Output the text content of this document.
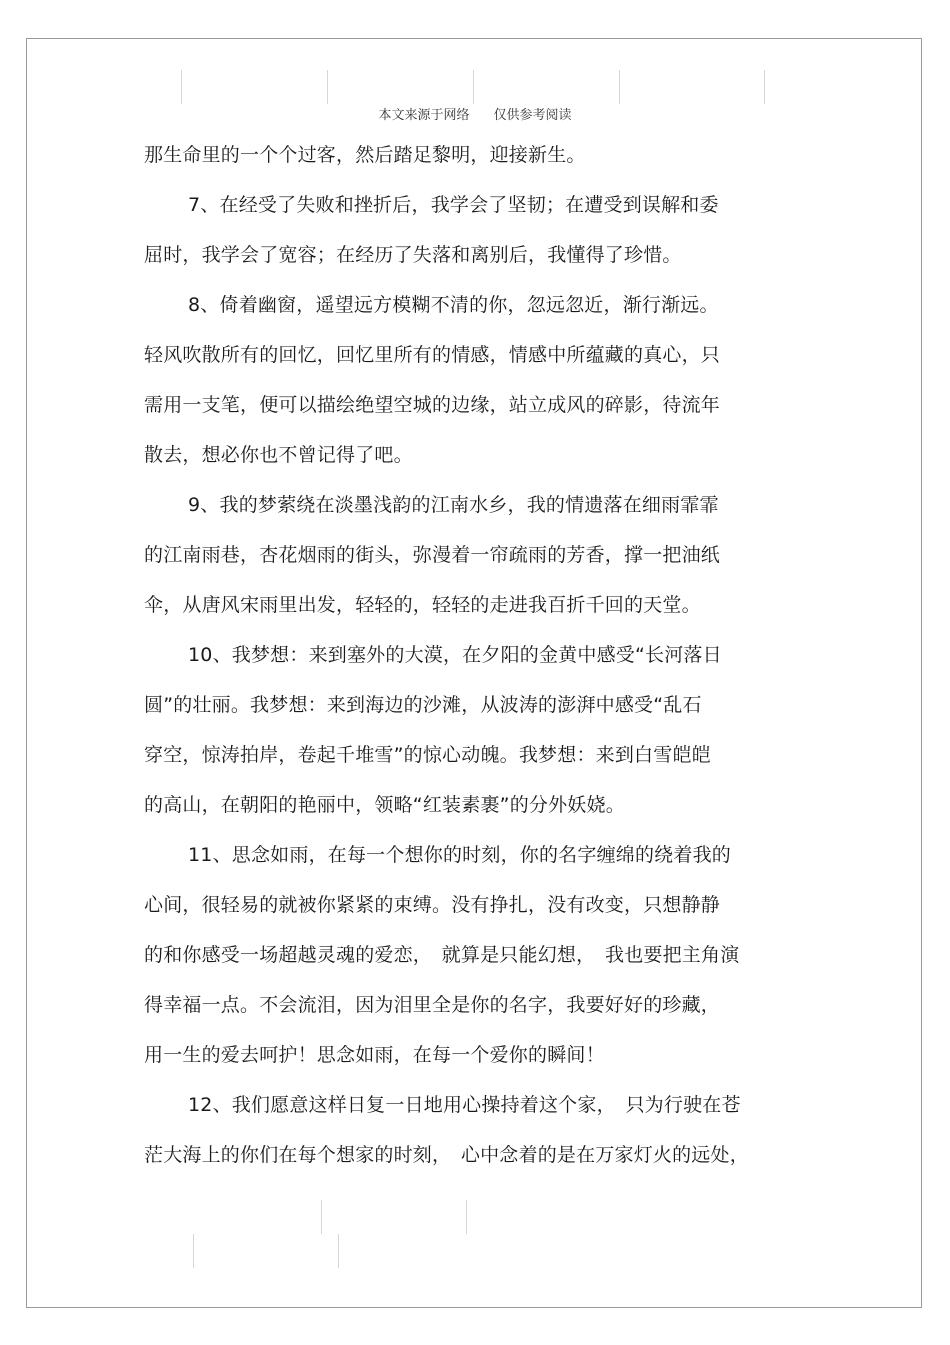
本文来源于网络 仅供参考阅读
那生命里的一个个过客，然后踏足黎明，迎接新生。
7、在经受了失败和挫折后，我学会了坚韧；在遭受到误解和委
屈时，我学会了宽容；在经历了失落和离别后，我懂得了珍惜。
8、倚着幽窗，遥望远方模糊不清的你，忽远忽近，渐行渐远。
轻风吹散所有的回忆，回忆里所有的情感，情感中所蕴藏的真心，只
需用一支笔，便可以描绘绝望空城的边缘，站立成风的碎影，待流年
散去，想必你也不曾记得了吧。
9、我的梦萦绕在淡墨浅韵的江南水乡，我的情遗落在细雨霏霏
的江南雨巷，杏花烟雨的街头，弥漫着一帘疏雨的芳香，撑一把油纸
伞，从唐风宋雨里出发，轻轻的，轻轻的走进我百折千回的天堂。
10、我梦想：来到塞外的大漠，在夕阳的金黄中感受“长河落日
圆”的壮丽。我梦想：来到海边的沙滩，从波涛的澎湃中感受“乱石
穿空，惊涛拍岸，卷起千堆雪”的惊心动魄。我梦想：来到白雪皑皑
的高山，在朝阳的艳丽中，领略“红装素裹”的分外妖娆。
11、思念如雨，在每一个想你的时刻，你的名字缠绵的绕着我的
心间，很轻易的就被你紧紧的束缚。没有挣扎，没有改变，只想静静
的和你感受一场超越灵魂的爱恋，　就算是只能幻想，　我也要把主角演
得幸福一点。不会流泪，因为泪里全是你的名字，我要好好的珍藏，
用一生的爱去呵护！思念如雨，在每一个爱你的瞬间！
12、我们愿意这样日复一日地用心操持着这个家，　只为行驶在苍
茫大海上的你们在每个想家的时刻，　心中念着的是在万家灯火的远处，
